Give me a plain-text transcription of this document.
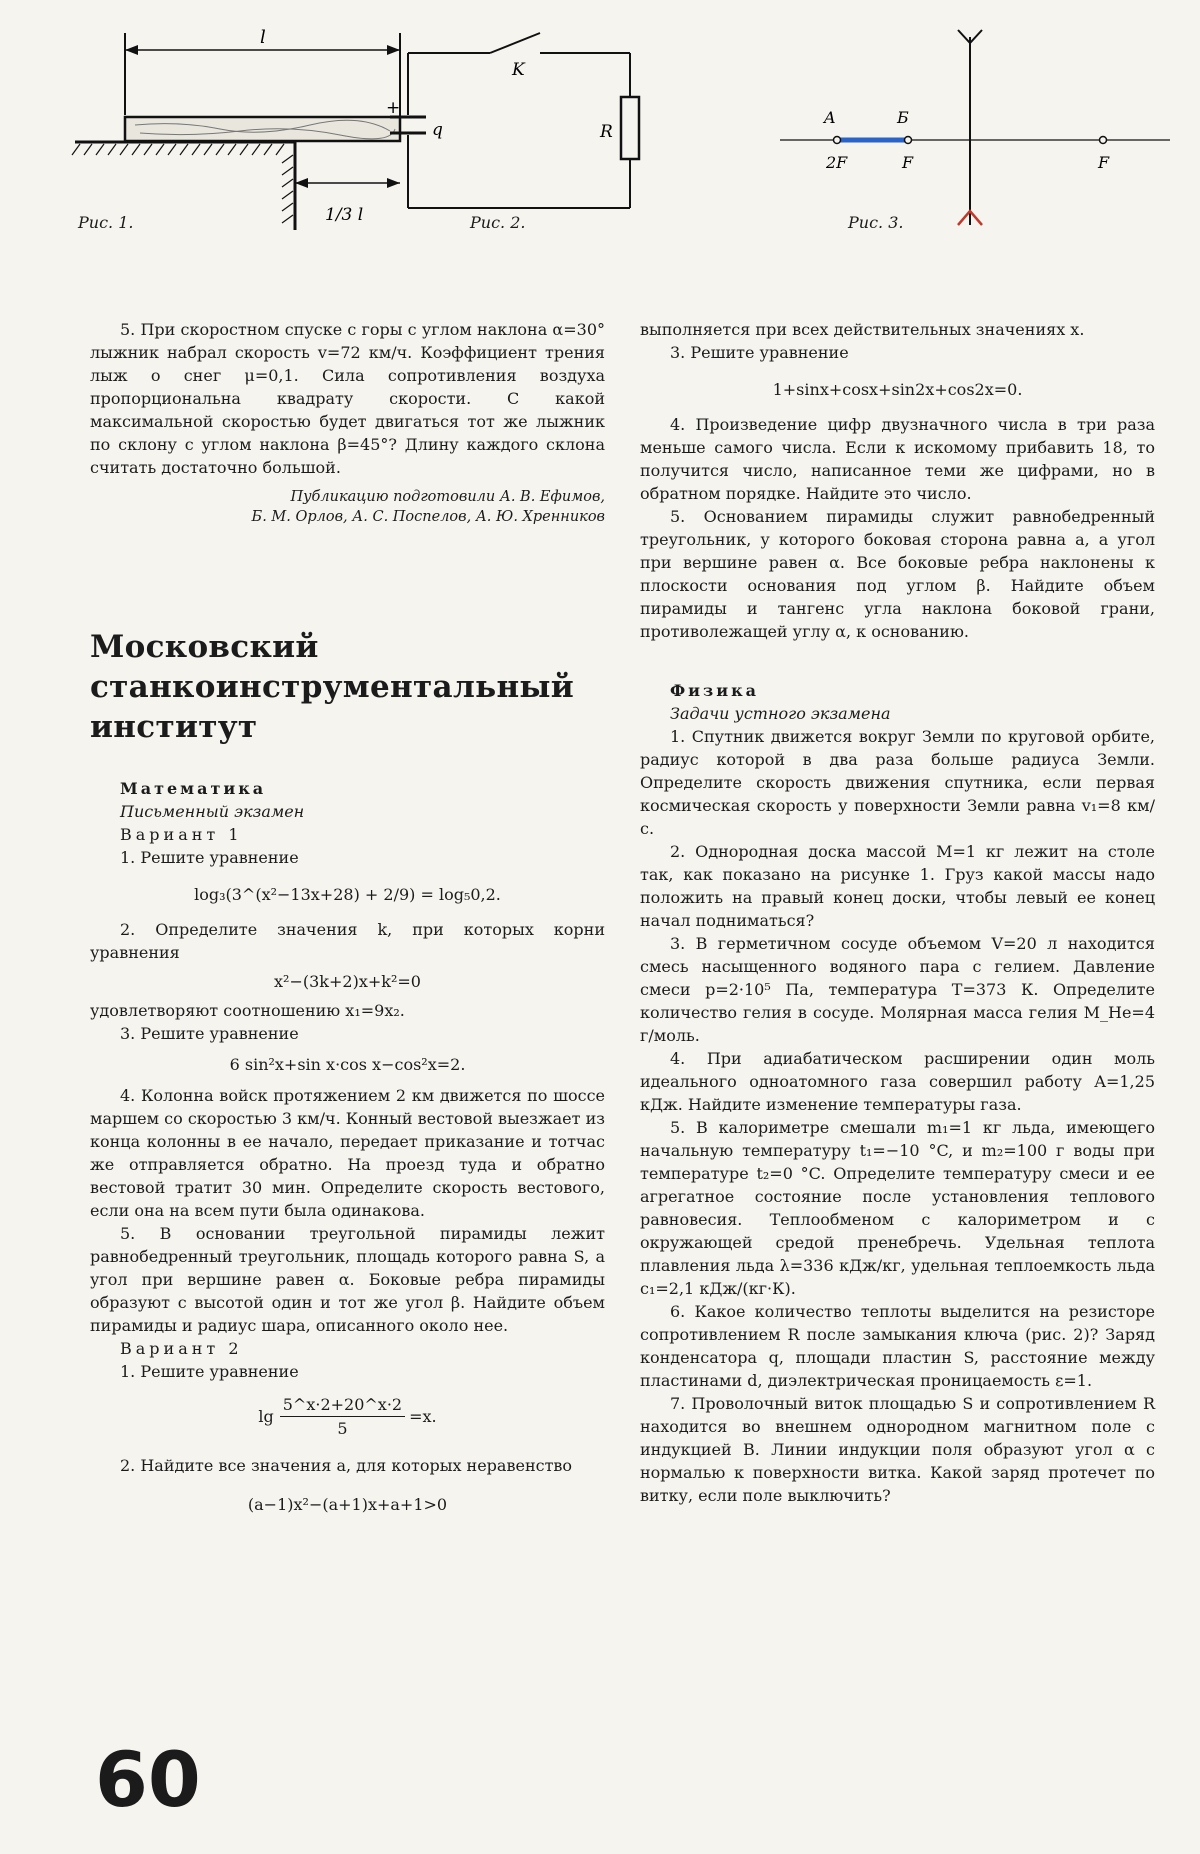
l
1/3 l
Рис. 1.
K
+
q	R
Рис. 2.
A	Б
2F	F	F
Рис. 3.

5. При скоростном спуске с горы с углом наклона α=30° лыжник набрал скорость v=72 км/ч. Коэффициент трения лыж о снег μ=0,1. Сила сопротивления воздуха пропорциональна квадрату скорости. С какой максимальной скоростью будет двигаться тот же лыжник по склону с углом наклона β=45°? Длину каждого склона считать достаточно большой.

Публикацию подготовили А. В. Ефимов,
Б. М. Орлов, А. С. Поспелов, А. Ю. Хренников
Московский станкоинструментальный институт

Математика

Письменный экзамен

Вариант 1

1. Решите уравнение

log₃(3^(x²−13x+28) + 2/9) = log₅0,2.

2. Определите значения k, при которых корни уравнения

x²−(3k+2)x+k²=0

удовлетворяют соотношению x₁=9x₂.

3. Решите уравнение

6 sin²x+sin x·cos x−cos²x=2.

4. Колонна войск протяжением 2 км движется по шоссе маршем со скоростью 3 км/ч. Конный вестовой выезжает из конца колонны в ее начало, передает приказание и тотчас же отправляется обратно. На проезд туда и обратно вестовой тратит 30 мин. Определите скорость вестового, если она на всем пути была одинакова.

5. В основании треугольной пирамиды лежит равнобедренный треугольник, площадь которого равна S, а угол при вершине равен α. Боковые ребра пирамиды образуют с высотой один и тот же угол β. Найдите объем пирамиды и радиус шара, описанного около нее.

Вариант 2

1. Решите уравнение

$\lg \frac{5\^{}x\cdot 2+20\^{}x\cdot 2}{5} =x$.

2. Найдите все значения a, для которых неравенство

(a−1)x²−(a+1)x+a+1>0

выполняется при всех действительных значениях x.

3. Решите уравнение

1+sinx+cosx+sin2x+cos2x=0.

4. Произведение цифр двузначного числа в три раза меньше самого числа. Если к искомому прибавить 18, то получится число, написанное теми же цифрами, но в обратном порядке. Найдите это число.

5. Основанием пирамиды служит равнобедренный треугольник, у которого боковая сторона равна a, а угол при вершине равен α. Все боковые ребра наклонены к плоскости основания под углом β. Найдите объем пирамиды и тангенс угла наклона боковой грани, противолежащей углу α, к основанию.

Физика

Задачи устного экзамена

1. Спутник движется вокруг Земли по круговой орбите, радиус которой в два раза больше радиуса Земли. Определите скорость движения спутника, если первая космическая скорость у поверхности Земли равна v₁=8 км/с.

2. Однородная доска массой M=1 кг лежит на столе так, как показано на рисунке 1. Груз какой массы надо положить на правый конец доски, чтобы левый ее конец начал подниматься?

3. В герметичном сосуде объемом V=20 л находится смесь насыщенного водяного пара с гелием. Давление смеси p=2·10⁵ Па, температура T=373 К. Определите количество гелия в сосуде. Молярная масса гелия M_He=4 г/моль.

4. При адиабатическом расширении один моль идеального одноатомного газа совершил работу A=1,25 кДж. Найдите изменение температуры газа.

5. В калориметре смешали m₁=1 кг льда, имеющего начальную температуру t₁=−10 °C, и m₂=100 г воды при температуре t₂=0 °C. Определите температуру смеси и ее агрегатное состояние после установления теплового равновесия. Теплообменом с калориметром и с окружающей средой пренебречь. Удельная теплота плавления льда λ=336 кДж/кг, удельная теплоемкость льда c₁=2,1 кДж/(кг·К).

6. Какое количество теплоты выделится на резисторе сопротивлением R после замыкания ключа (рис. 2)? Заряд конденсатора q, площади пластин S, расстояние между пластинами d, диэлектрическая проницаемость ε=1.

7. Проволочный виток площадью S и сопротивлением R находится во внешнем однородном магнитном поле с индукцией B. Линии индукции поля образуют угол α с нормалью к поверхности витка. Какой заряд протечет по витку, если поле выключить?

60
